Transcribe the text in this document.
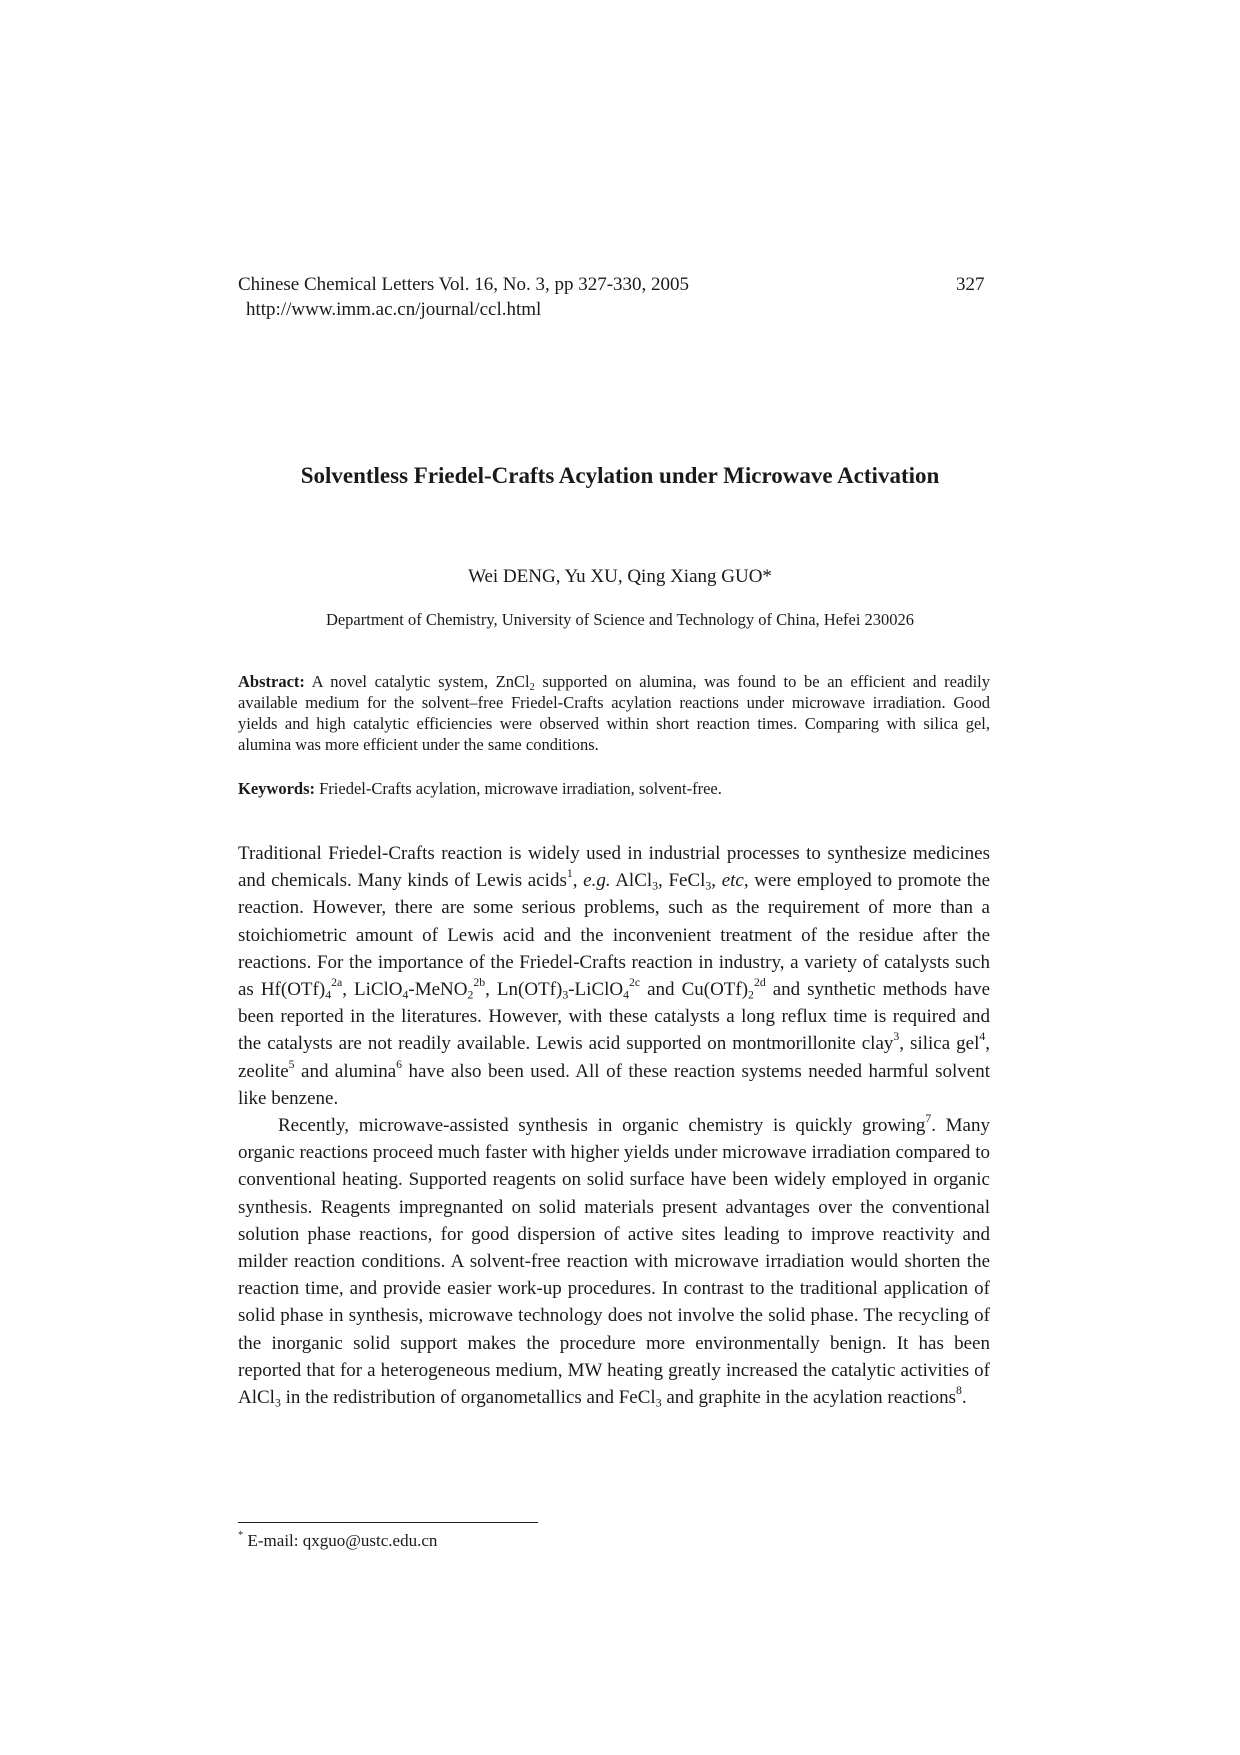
Chinese Chemical Letters Vol. 16, No. 3, pp 327-330, 2005
http://www.imm.ac.cn/journal/ccl.html
327
Solventless Friedel-Crafts Acylation under Microwave Activation
Wei DENG, Yu XU, Qing Xiang GUO*
Department of Chemistry, University of Science and Technology of China, Hefei 230026
Abstract: A novel catalytic system, ZnCl$_2$ supported on alumina, was found to be an efficient and readily available medium for the solvent–free Friedel-Crafts acylation reactions under microwave irradiation. Good yields and high catalytic efficiencies were observed within short reaction times. Comparing with silica gel, alumina was more efficient under the same conditions.
Keywords: Friedel-Crafts acylation, microwave irradiation, solvent-free.

Traditional Friedel-Crafts reaction is widely used in industrial processes to synthesize medicines and chemicals. Many kinds of Lewis acids$^1$, e.g. AlCl$_3$, FeCl$_3$, etc, were employed to promote the reaction. However, there are some serious problems, such as the requirement of more than a stoichiometric amount of Lewis acid and the inconvenient treatment of the residue after the reactions. For the importance of the Friedel-Crafts reaction in industry, a variety of catalysts such as $Hf(OTf)_4^{2a}$, LiClO$_4$-MeNO$_2^{2b}$, $Ln(OTf)_3-LiClO_4^{2c}$ and $Cu(OTf)_2^{2d}$ and synthetic methods have been reported in the literatures. However, with these catalysts a long reflux time is required and the catalysts are not readily available. Lewis acid supported on montmorillonite clay$^3$, silica gel$^4$, zeolite$^5$ and alumina$^6$ have also been used. All of these reaction systems needed harmful solvent like benzene.

Recently, microwave-assisted synthesis in organic chemistry is quickly growing$^7$. Many organic reactions proceed much faster with higher yields under microwave irradiation compared to conventional heating. Supported reagents on solid surface have been widely employed in organic synthesis. Reagents impregnanted on solid materials present advantages over the conventional solution phase reactions, for good dispersion of active sites leading to improve reactivity and milder reaction conditions. A solvent-free reaction with microwave irradiation would shorten the reaction time, and provide easier work-up procedures. In contrast to the traditional application of solid phase in synthesis, microwave technology does not involve the solid phase. The recycling of the inorganic solid support makes the procedure more environmentally benign. It has been reported that for a heterogeneous medium, MW heating greatly increased the catalytic activities of AlCl$_3$ in the redistribution of organometallics and FeCl$_3$ and graphite in the acylation reactions$^8$.

* E-mail: qxguo@ustc.edu.cn
